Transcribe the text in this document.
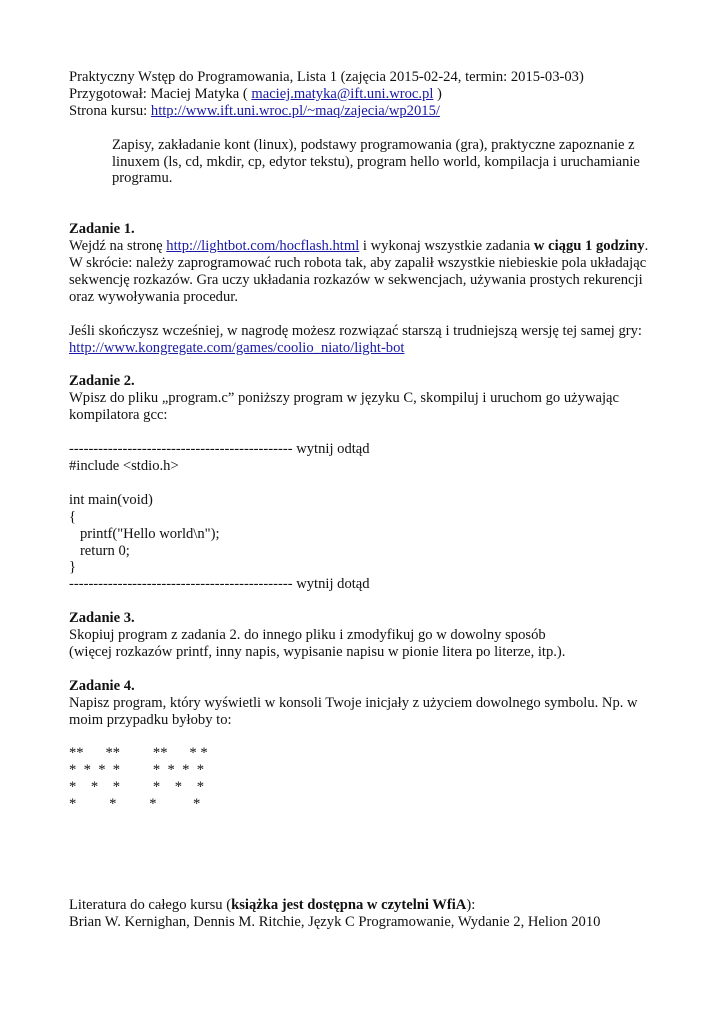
Praktyczny Wstęp do Programowania, Lista 1 (zajęcia 2015-02-24, termin: 2015-03-03)
Przygotował: Maciej Matyka ( maciej.matyka@ift.uni.wroc.pl )
Strona kursu: http://www.ift.uni.wroc.pl/~maq/zajecia/wp2015/
Zapisy, zakładanie kont (linux), podstawy programowania (gra), praktyczne zapoznanie z
linuxem (ls, cd, mkdir, cp, edytor tekstu), program hello world, kompilacja i uruchamianie
programu.
Zadanie 1.
Wejdź na stronę http://lightbot.com/hocflash.html i wykonaj wszystkie zadania w ciągu 1 godziny.
W skrócie: należy zaprogramować ruch robota tak, aby zapalił wszystkie niebieskie pola układając
sekwencję rozkazów. Gra uczy układania rozkazów w sekwencjach, używania prostych rekurencji
oraz wywoływania procedur.
Jeśli skończysz wcześniej, w nagrodę możesz rozwiązać starszą i trudniejszą wersję tej samej gry:
http://www.kongregate.com/games/coolio_niato/light-bot
Zadanie 2.
Wpisz do pliku „program.c” poniższy program w języku C, skompiluj i uruchom go używając
kompilatora gcc:
---------------------------------------------- wytnij odtąd
#include <stdio.h>

int main(void)
{
printf("Hello world\n");
return 0;
}
---------------------------------------------- wytnij dotąd
Zadanie 3.
Skopiuj program z zadania 2. do innego pliku i zmodyfikuj go w dowolny sposób
(więcej rozkazów printf, inny napis, wypisanie napisu w pionie litera po literze, itp.).
Zadanie 4.
Napisz program, który wyświetli w konsoli Twoje inicjały z użyciem dowolnego symbolu. Np. w
moim przypadku byłoby to:
**      **         **      * *
*  *  *  *         *  *  *  *
*    *    *         *    *    *
*         *         *          *
Literatura do całego kursu (książka jest dostępna w czytelni WfiA):
Brian W. Kernighan, Dennis M. Ritchie, Język C Programowanie, Wydanie 2, Helion 2010
